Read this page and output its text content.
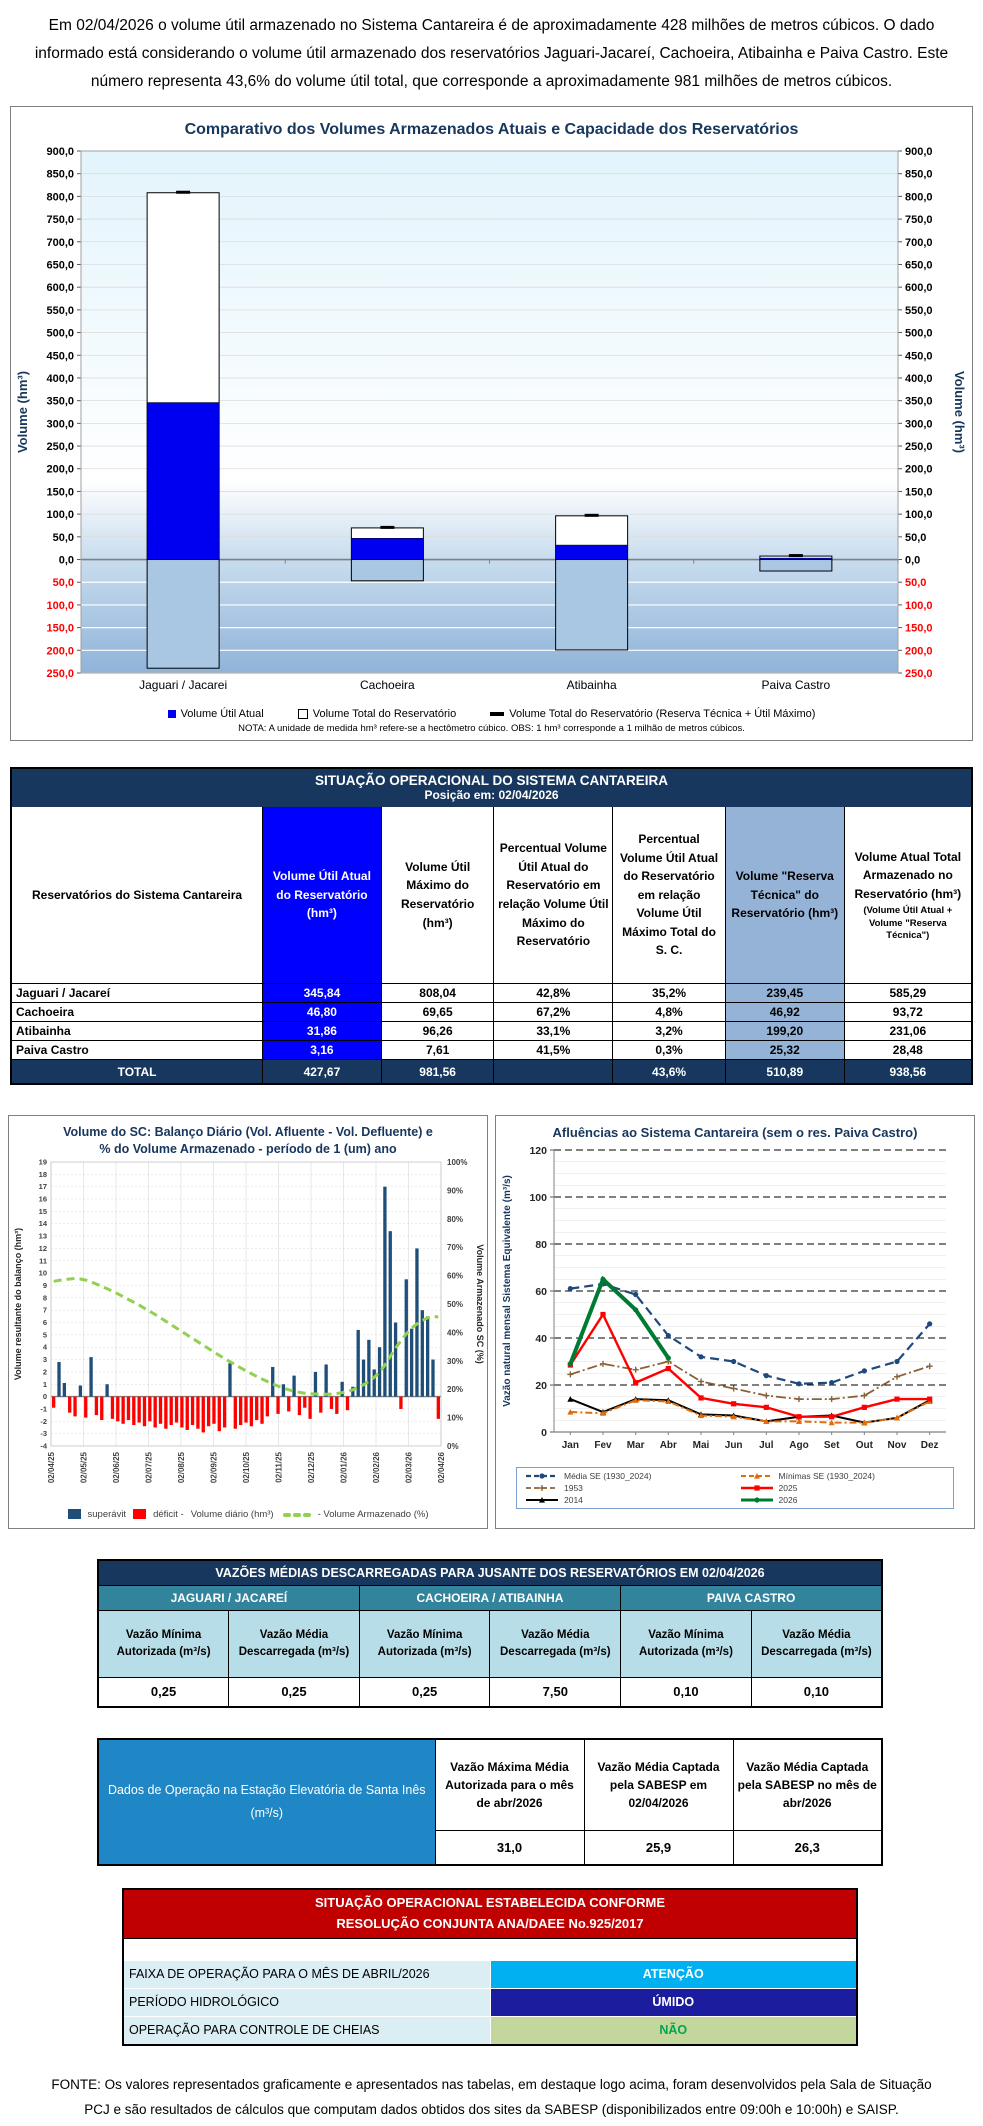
Em 02/04/2026 o volume útil armazenado no Sistema Cantareira é de aproximadamente 428 milhões de metros cúbicos. O dado informado está considerando o volume útil armazenado dos reservatórios Jaguari-Jacareí, Cachoeira, Atibainha e Paiva Castro. Este número representa 43,6% do volume útil total, que corresponde a aproximadamente 981 milhões de metros cúbicos.
Comparativo dos Volumes Armazenados Atuais e Capacidade dos Reservatórios
900,0	900,0
850,0	850,0
800,0	800,0
750,0	750,0
700,0	700,0
650,0	650,0
600,0	600,0
550,0	550,0
500,0	500,0
450,0	450,0
400,0	400,0
350,0	350,0
300,0	300,0
250,0	250,0
200,0	200,0
150,0	150,0
100,0	100,0
50,0	50,0
0,0	0,0
50,0	50,0
100,0	100,0
150,0	150,0
200,0	200,0
250,0	250,0
Jaguari / Jacarei	Cachoeira	Atibainha	Paiva Castro
Volume (hm³)	Volume (hm³)
Volume Útil Atual	Volume Total do Reservatório	Volume Total do Reservatório (Reserva Técnica + Útil Máximo)
NOTA: A unidade de medida hm³ refere-se a hectômetro cúbico. OBS: 1 hm³ corresponde a 1 milhão de metros cúbicos.
SITUAÇÃO OPERACIONAL DO SISTEMA CANTAREIRA
Posição em: 02/04/2026						

Reservatórios do Sistema Cantareira	Volume Útil Atual do Reservatório (hm³)	Volume Útil Máximo do Reservatório (hm³)	Percentual Volume Útil Atual do Reservatório em relação Volume Útil Máximo do Reservatório	Percentual Volume Útil Atual do Reservatório em relação Volume Útil Máximo Total do S. C.	Volume "Reserva Técnica" do Reservatório (hm³)	Volume Atual Total Armazenado no Reservatório (hm³)
(Volume Útil Atual + Volume "Reserva Técnica")

Jaguari / Jacareí	345,84	808,04	42,8%	35,2%	239,45	585,29
Cachoeira	46,80	69,65	67,2%	4,8%	46,92	93,72
Atibainha	31,86	96,26	33,1%	3,2%	199,20	231,06
Paiva Castro	3,16	7,61	41,5%	0,3%	25,32	28,48
TOTAL	427,67	981,56		43,6%	510,89	938,56
Volume do SC: Balanço Diário (Vol. Afluente - Vol. Defluente) e
% do Volume Armazenado - período de 1 (um) ano
19
18
17
16
15
14
13
12
11
10
9
8
7
6
5
4
3
2
1
0
-1
-2
-3
-4
02/04/25	02/05/25	02/06/25	02/07/25	02/08/25	02/09/25	02/10/25	02/11/25	02/12/25	02/01/26	02/02/26	02/03/26	02/04/26
0%
10%
20%
30%
40%
50%
60%
70%
80%
90%
100%
Volume resultante do balanço (hm³)	Volume Armazenado SC (%)
superávit	déficit - Volume diário (hm³)	- Volume Armazenado (%)
Afluências ao Sistema Cantareira (sem o res. Paiva Castro)
0
20
40
60
80
100
120
Jan Fev Mar Abr Mai Jun Jul Ago Set Out Nov Dez
Vazão natural mensal Sistema Equivalente (m³/s)
Média SE (1930_2024)
1953
2014
Mínimas SE (1930_2024)
2025
2026
VAZÕES MÉDIAS DESCARREGADAS PARA JUSANTE DOS RESERVATÓRIOS EM 02/04/2026					
JAGUARI / JACAREÍ		CACHOEIRA / ATIBAINHA		PAIVA CASTRO	
Vazão Mínima Autorizada (m³/s)	Vazão Média Descarregada (m³/s)	Vazão Mínima Autorizada (m³/s)	Vazão Média Descarregada (m³/s)	Vazão Mínima Autorizada (m³/s)	Vazão Média Descarregada (m³/s)
0,25	0,25	0,25	7,50	0,10	0,10
Dados de Operação na Estação Elevatória de Santa Inês (m³/s)	Vazão Máxima Média Autorizada para o mês de abr/2026	Vazão Média Captada pela SABESP em 02/04/2026	Vazão Média Captada pela SABESP no mês de abr/2026
	31,0	25,9	26,3
SITUAÇÃO OPERACIONAL ESTABELECIDA CONFORME
RESOLUÇÃO CONJUNTA ANA/DAEE No.925/2017	

FAIXA DE OPERAÇÃO PARA O MÊS DE ABRIL/2026	ATENÇÃO
PERÍODO HIDROLÓGICO	ÚMIDO
OPERAÇÃO PARA CONTROLE DE CHEIAS	NÃO
FONTE: Os valores representados graficamente e apresentados nas tabelas, em destaque logo acima, foram desenvolvidos pela Sala de Situação PCJ e são resultados de cálculos que computam dados obtidos dos sites da SABESP (disponibilizados entre 09:00h e 10:00h) e SAISP.
